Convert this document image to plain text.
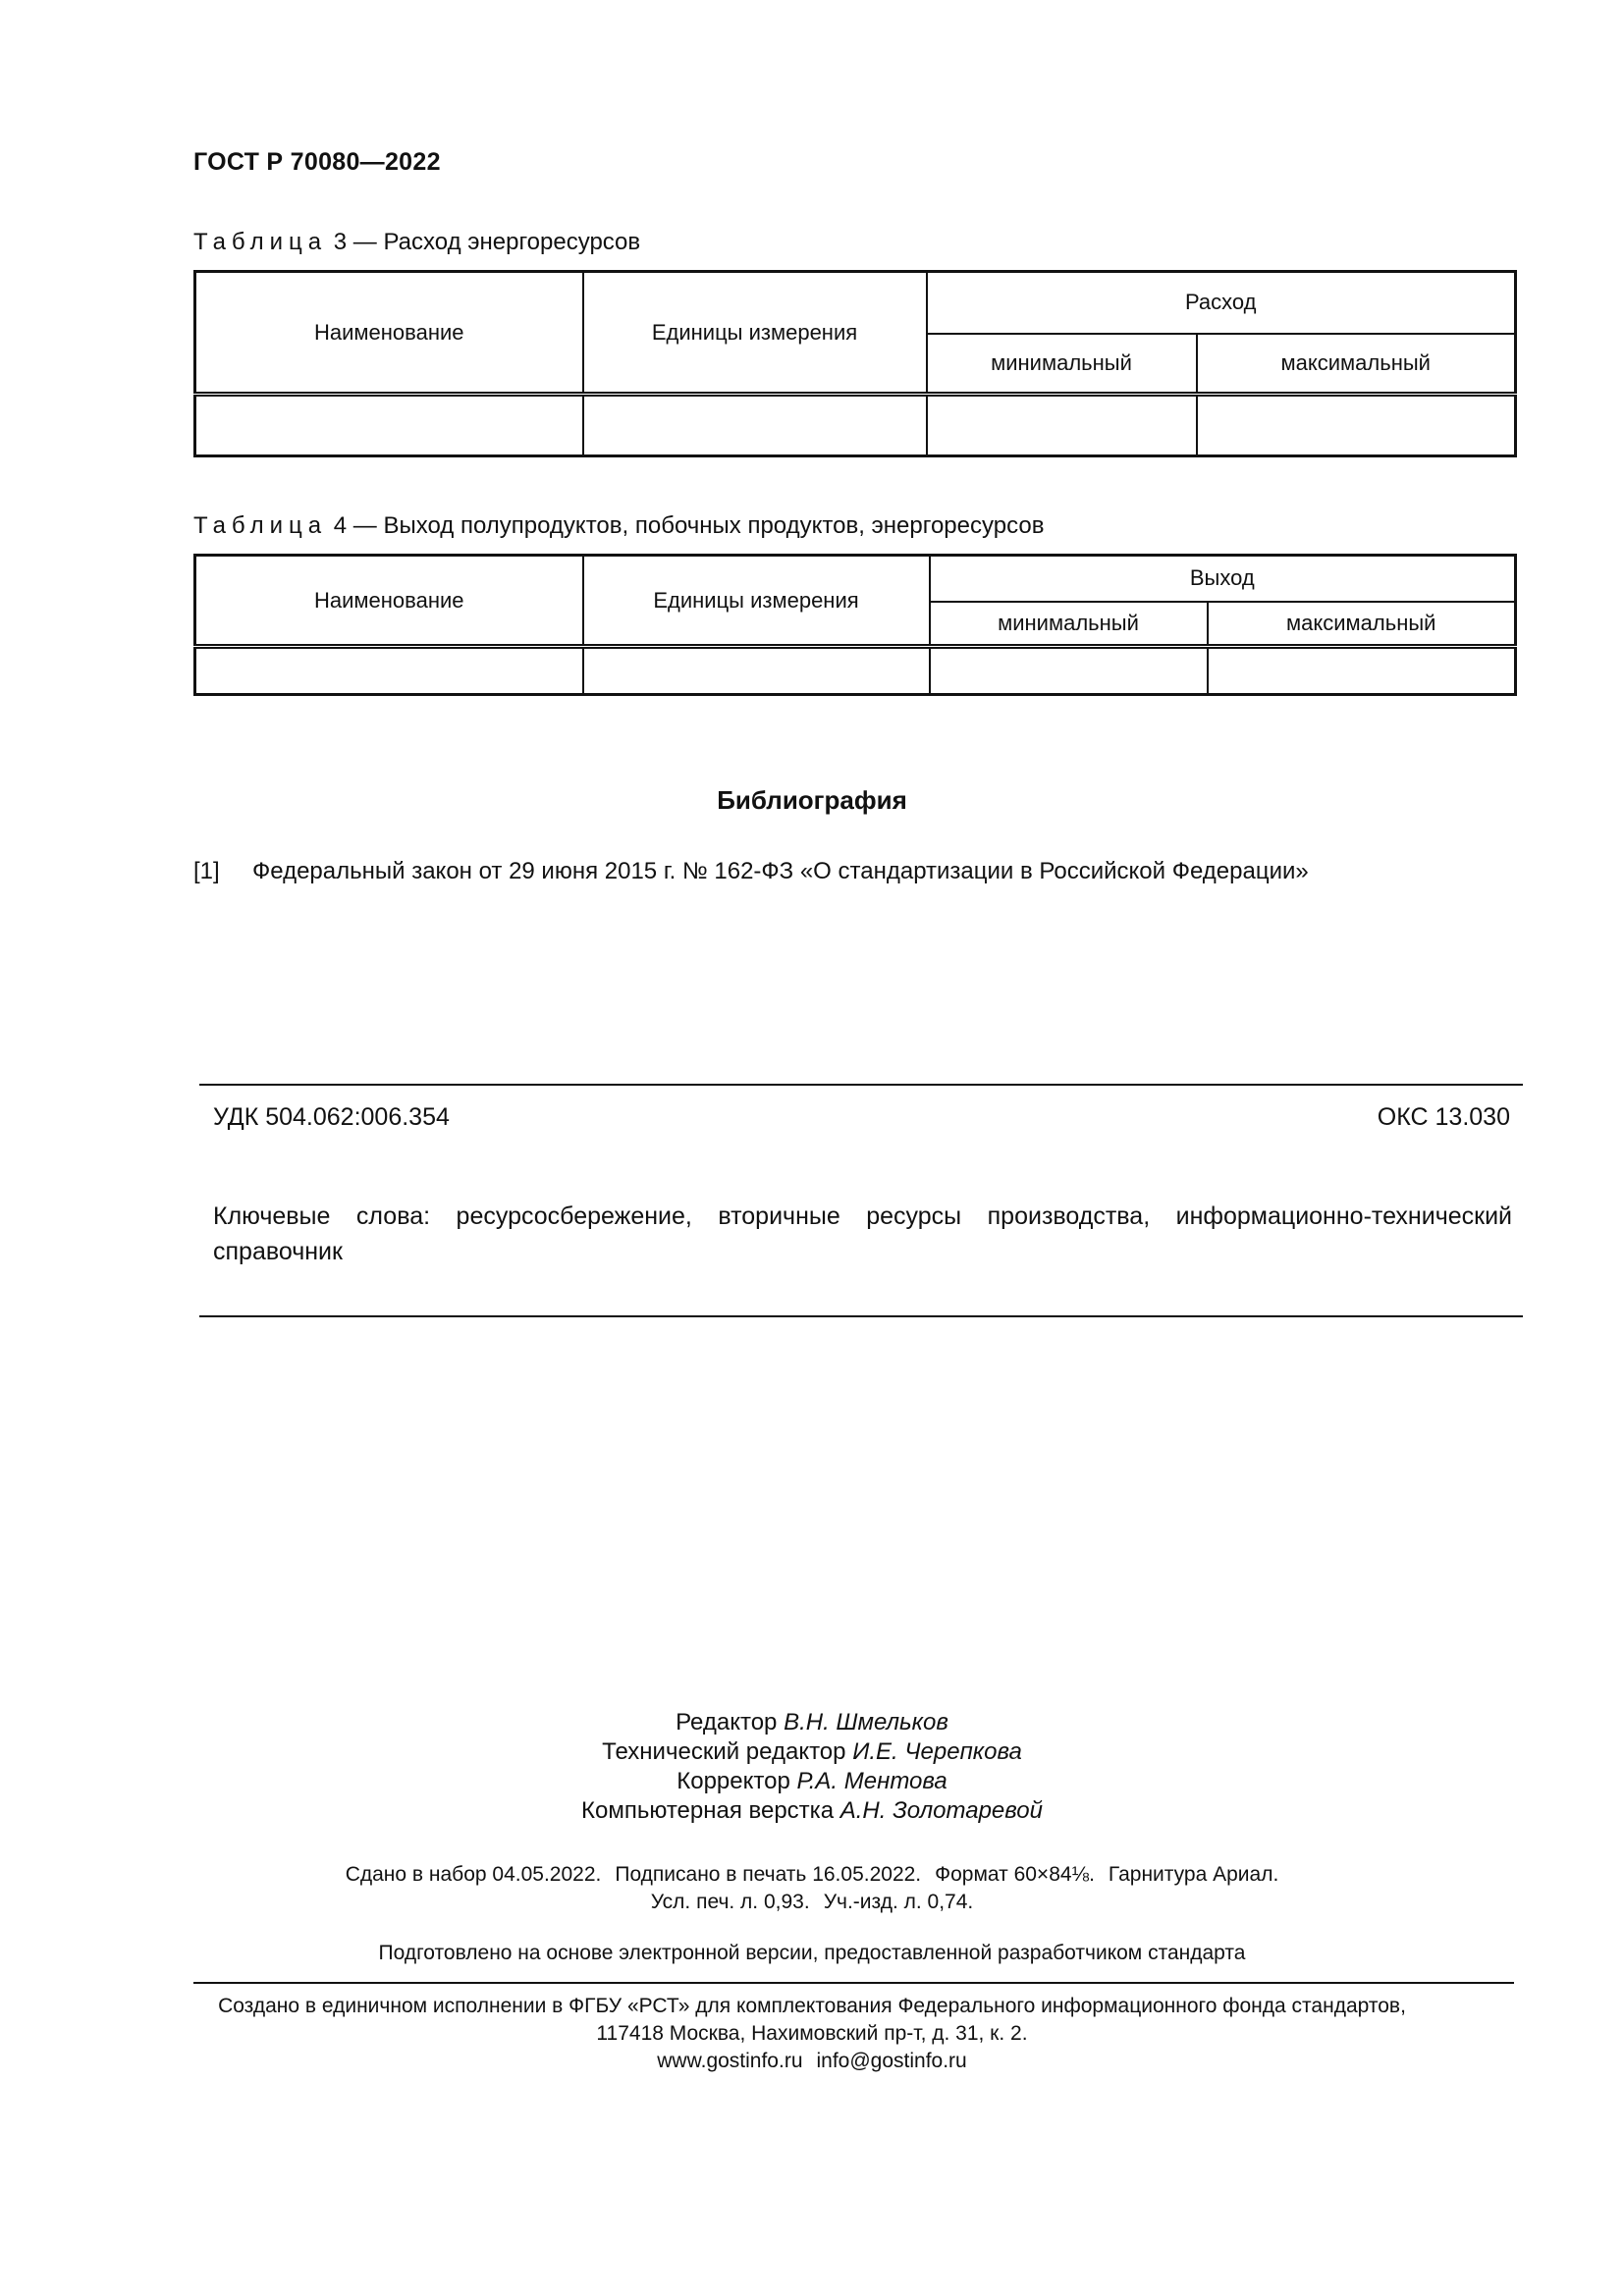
ГОСТ Р 70080—2022
Таблица 3 — Расход энергоресурсов
Наименование	Единицы измерения	Расход	
		минимальный	максимальный

Таблица 4 — Выход полупродуктов, побочных продуктов, энергоресурсов
Наименование	Единицы измерения	Выход	
		минимальный	максимальный

Библиография
[1] Федеральный закон от 29 июня 2015 г. № 162-ФЗ «О стандартизации в Российской Федерации»
УДК 504.062:006.354	ОКС 13.030
Ключевые слова: ресурсосбережение, вторичные ресурсы производства, информационно-технический справочник
Редактор В.Н. Шмельков
Технический редактор И.Е. Черепкова
Корректор Р.А. Ментова
Компьютерная верстка А.Н. Золотаревой
Сдано в набор 04.05.2022. Подписано в печать 16.05.2022. Формат 60×84⅛. Гарнитура Ариал.
Усл. печ. л. 0,93. Уч.-изд. л. 0,74.
Подготовлено на основе электронной версии, предоставленной разработчиком стандарта
Создано в единичном исполнении в ФГБУ «РСТ» для комплектования Федерального информационного фонда стандартов,
117418 Москва, Нахимовский пр-т, д. 31, к. 2.
www.gostinfo.ru info@gostinfo.ru
